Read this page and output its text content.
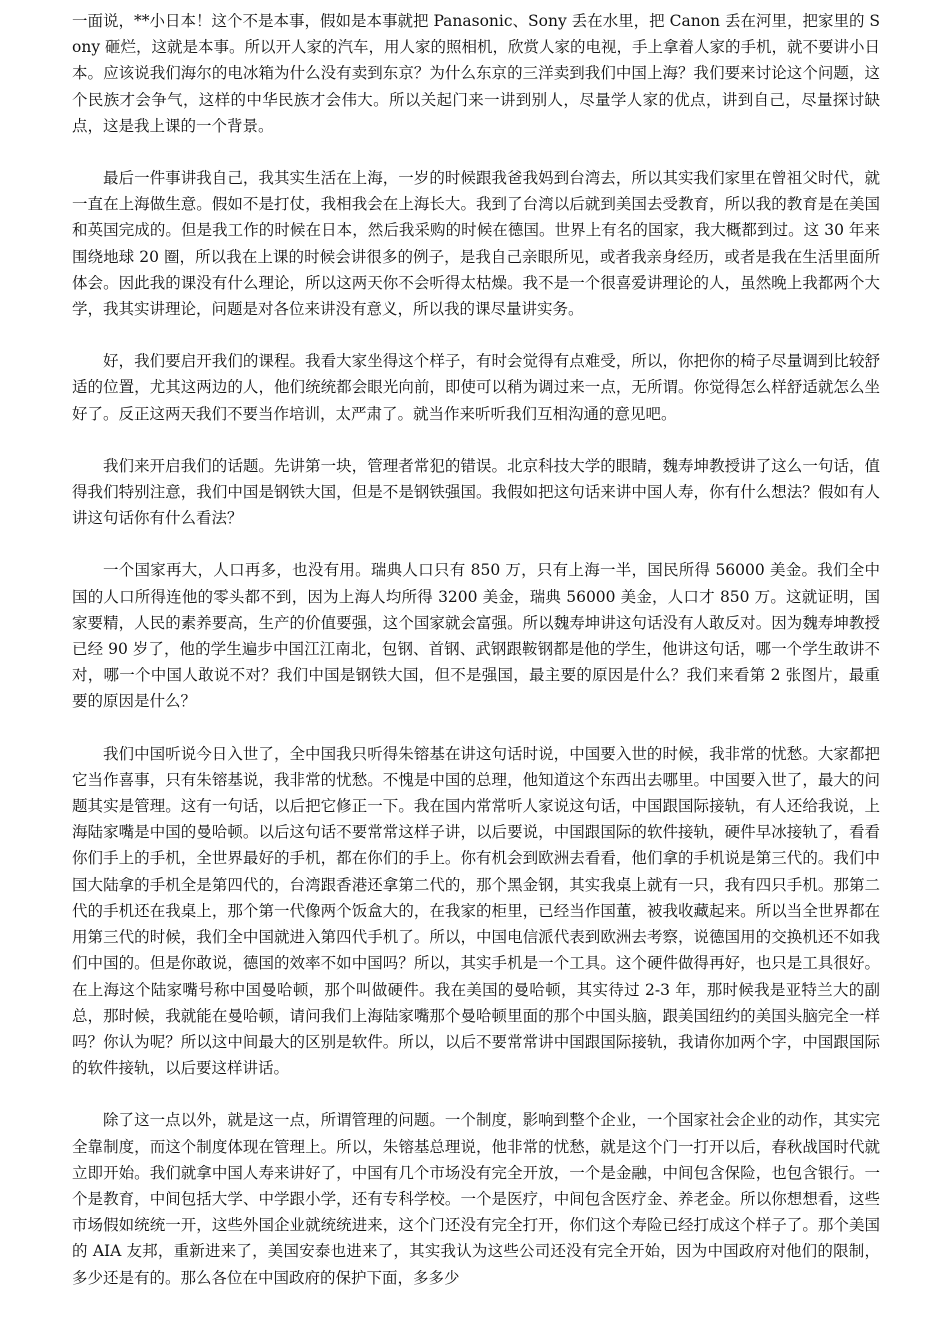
一面说，**小日本！这个不是本事，假如是本事就把 Panasonic、Sony 丢在水里，把 Canon 丢在河里，把家里的 Sony 砸烂，这就是本事。所以开人家的汽车，用人家的照相机，欣赏人家的电视，手上拿着人家的手机，就不要讲小日本。应该说我们海尔的电冰箱为什么没有卖到东京？为什么东京的三洋卖到我们中国上海？我们要来讨论这个问题，这个民族才会争气，这样的中华民族才会伟大。所以关起门来一讲到别人，尽量学人家的优点，讲到自己，尽量探讨缺点，这是我上课的一个背景。

最后一件事讲我自己，我其实生活在上海，一岁的时候跟我爸我妈到台湾去，所以其实我们家里在曾祖父时代，就一直在上海做生意。假如不是打仗，我相我会在上海长大。我到了台湾以后就到美国去受教育，所以我的教育是在美国和英国完成的。但是我工作的时候在日本，然后我采购的时候在德国。世界上有名的国家，我大概都到过。这 30 年来围绕地球 20 圈，所以我在上课的时候会讲很多的例子，是我自己亲眼所见，或者我亲身经历，或者是我在生活里面所体会。因此我的课没有什么理论，所以这两天你不会听得太枯燥。我不是一个很喜爱讲理论的人，虽然晚上我都两个大学，我其实讲理论，问题是对各位来讲没有意义，所以我的课尽量讲实务。

好，我们要启开我们的课程。我看大家坐得这个样子，有时会觉得有点难受，所以，你把你的椅子尽量调到比较舒适的位置，尤其这两边的人，他们统统都会眼光向前，即使可以稍为调过来一点，无所谓。你觉得怎么样舒适就怎么坐好了。反正这两天我们不要当作培训，太严肃了。就当作来听听我们互相沟通的意见吧。

我们来开启我们的话题。先讲第一块，管理者常犯的错误。北京科技大学的眼睛，魏寿坤教授讲了这么一句话，值得我们特别注意，我们中国是钢铁大国，但是不是钢铁强国。我假如把这句话来讲中国人寿，你有什么想法？假如有人讲这句话你有什么看法？

一个国家再大，人口再多，也没有用。瑞典人口只有 850 万，只有上海一半，国民所得 56000 美金。我们全中国的人口所得连他的零头都不到，因为上海人均所得 3200 美金，瑞典 56000 美金，人口才 850 万。这就证明，国家要精，人民的素养要高，生产的价值要强，这个国家就会富强。所以魏寿坤讲这句话没有人敢反对。因为魏寿坤教授已经 90 岁了，他的学生遍步中国江江南北，包钢、首钢、武钢跟鞍钢都是他的学生，他讲这句话，哪一个学生敢讲不对，哪一个中国人敢说不对？我们中国是钢铁大国，但不是强国，最主要的原因是什么？我们来看第 2 张图片，最重要的原因是什么？

我们中国听说今日入世了，全中国我只听得朱镕基在讲这句话时说，中国要入世的时候，我非常的忧愁。大家都把它当作喜事，只有朱镕基说，我非常的忧愁。不愧是中国的总理，他知道这个东西出去哪里。中国要入世了，最大的问题其实是管理。这有一句话，以后把它修正一下。我在国内常常听人家说这句话，中国跟国际接轨，有人还给我说，上海陆家嘴是中国的曼哈顿。以后这句话不要常常这样子讲，以后要说，中国跟国际的软件接轨，硬件早冰接轨了，看看你们手上的手机，全世界最好的手机，都在你们的手上。你有机会到欧洲去看看，他们拿的手机说是第三代的。我们中国大陆拿的手机全是第四代的，台湾跟香港还拿第二代的，那个黑金钢，其实我桌上就有一只，我有四只手机。那第二代的手机还在我桌上，那个第一代像两个饭盒大的，在我家的柜里，已经当作国董，被我收藏起来。所以当全世界都在用第三代的时候，我们全中国就进入第四代手机了。所以，中国电信派代表到欧洲去考察，说德国用的交换机还不如我们中国的。但是你敢说，德国的效率不如中国吗？所以，其实手机是一个工具。这个硬件做得再好，也只是工具很好。在上海这个陆家嘴号称中国曼哈顿，那个叫做硬件。我在美国的曼哈顿，其实待过 2-3 年，那时候我是亚特兰大的副总，那时候，我就能在曼哈顿，请问我们上海陆家嘴那个曼哈顿里面的那个中国头脑，跟美国纽约的美国头脑完全一样吗？你认为呢？所以这中间最大的区别是软件。所以，以后不要常常讲中国跟国际接轨，我请你加两个字，中国跟国际的软件接轨，以后要这样讲话。

除了这一点以外，就是这一点，所谓管理的问题。一个制度，影响到整个企业，一个国家社会企业的动作，其实完全靠制度，而这个制度体现在管理上。所以，朱镕基总理说，他非常的忧愁，就是这个门一打开以后，春秋战国时代就立即开始。我们就拿中国人寿来讲好了，中国有几个市场没有完全开放，一个是金融，中间包含保险，也包含银行。一个是教育，中间包括大学、中学跟小学，还有专科学校。一个是医疗，中间包含医疗金、养老金。所以你想想看，这些市场假如统统一开，这些外国企业就统统进来，这个门还没有完全打开，你们这个寿险已经打成这个样子了。那个美国的 AIA 友邦，重新进来了，美国安泰也进来了，其实我认为这些公司还没有完全开始，因为中国政府对他们的限制，多少还是有的。那么各位在中国政府的保护下面，多多少
